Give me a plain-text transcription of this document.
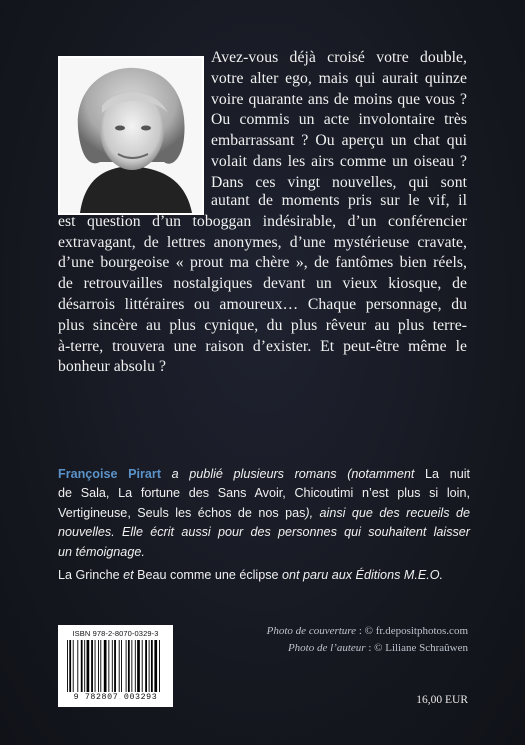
Avez-vous déjà croisé votre double,
votre alter ego, mais qui aurait quinze
voire quarante ans de moins que vous ?
Ou commis un acte involontaire très
embarrassant ? Ou aperçu un chat qui
volait dans les airs comme un oiseau ?
Dans ces vingt nouvelles, qui sont
autant de moments pris sur le vif, il
est question d’un toboggan indésirable, d’un conférencier
extravagant, de lettres anonymes, d’une mystérieuse cravate,
d’une bourgeoise « prout ma chère », de fantômes bien réels,
de retrouvailles nostalgiques devant un vieux kiosque, de
désarrois littéraires ou amoureux… Chaque personnage, du
plus sincère au plus cynique, du plus rêveur au plus terre-
à-terre, trouvera une raison d’exister. Et peut-être même le
bonheur absolu ?
Françoise Pirart a publié plusieurs romans (notamment La nuit
de Sala, La fortune des Sans Avoir, Chicoutimi n’est plus si loin,
Vertigineuse, Seuls les échos de nos pas), ainsi que des recueils de
nouvelles. Elle écrit aussi pour des personnes qui souhaitent laisser
un témoignage.
La Grinche et Beau comme une éclipse ont paru aux Éditions M.E.O.
ISBN 978-2-8070-0329-3
9 782807 003293
Photo de couverture : © fr.depositphotos.com
Photo de l’auteur : © Liliane Schraûwen
16,00 EUR
